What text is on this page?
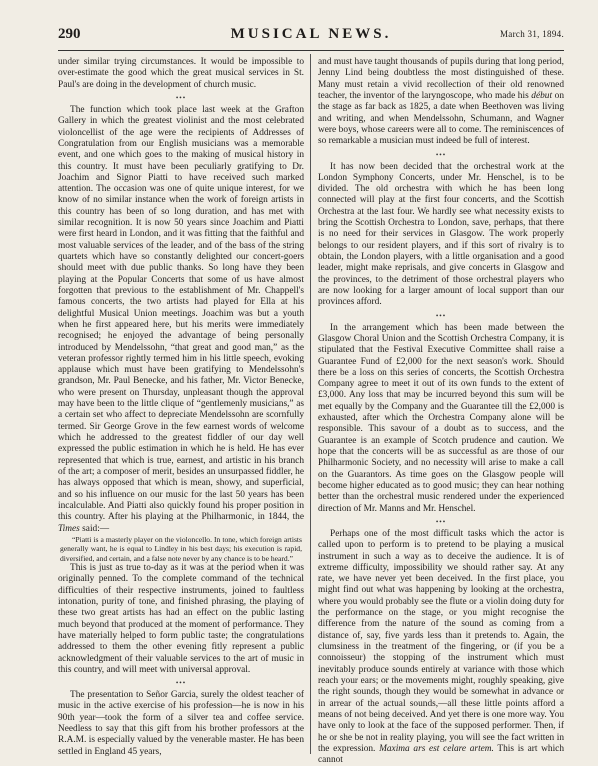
290	MUSICAL NEWS.	March 31, 1894.

under similar trying circumstances. It would be impossible to over-estimate the good which the great musical services in St. Paul's are doing in the development of church music.

•••

The function which took place last week at the Grafton Gallery in which the greatest violinist and the most celebrated violoncellist of the age were the recipients of Addresses of Congratulation from our English musicians was a memorable event, and one which goes to the making of musical history in this country. It must have been peculiarly gratifying to Dr. Joachim and Signor Piatti to have received such marked attention. The occasion was one of quite unique interest, for we know of no similar instance when the work of foreign artists in this country has been of so long duration, and has met with similar recognition. It is now 50 years since Joachim and Piatti were first heard in London, and it was fitting that the faithful and most valuable services of the leader, and of the bass of the string quartets which have so constantly delighted our concert-goers should meet with due public thanks. So long have they been playing at the Popular Concerts that some of us have almost forgotten that previous to the establishment of Mr. Chappell's famous concerts, the two artists had played for Ella at his delightful Musical Union meetings. Joachim was but a youth when he first appeared here, but his merits were immediately recognised; he enjoyed the advantage of being personally introduced by Mendelssohn, “that great and good man,” as the veteran professor rightly termed him in his little speech, evoking applause which must have been gratifying to Mendelssohn's grandson, Mr. Paul Benecke, and his father, Mr. Victor Benecke, who were present on Thursday, unpleasant though the approval may have been to the little clique of “gentlemenly musicians,” as a certain set who affect to depreciate Mendelssohn are scornfully termed. Sir George Grove in the few earnest words of welcome which he addressed to the greatest fiddler of our day well expressed the public estimation in which he is held. He has ever represented that which is true, earnest, and artistic in his branch of the art; a composer of merit, besides an unsurpassed fiddler, he has always opposed that which is mean, showy, and superficial, and so his influence on our music for the last 50 years has been incalculable. And Piatti also quickly found his proper position in this country. After his playing at the Philharmonic, in 1844, the Times said:—

“Piatti is a masterly player on the violoncello. In tone, which foreign artists generally want, he is equal to Lindley in his best days; his execution is rapid, diversified, and certain, and a false note never by any chance is to be heard.”

This is just as true to-day as it was at the period when it was originally penned. To the complete command of the technical difficulties of their respective instruments, joined to faultless intonation, purity of tone, and finished phrasing, the playing of these two great artists has had an effect on the public lasting much beyond that produced at the moment of performance. They have materially helped to form public taste; the congratulations addressed to them the other evening fitly represent a public acknowledgment of their valuable services to the art of music in this country, and will meet with universal approval.

•••

The presentation to Señor Garcia, surely the oldest teacher of music in the active exercise of his profession—he is now in his 90th year—took the form of a silver tea and coffee service. Needless to say that this gift from his brother professors at the R.A.M. is especially valued by the venerable master. He has been settled in England 45 years,

and must have taught thousands of pupils during that long period, Jenny Lind being doubtless the most distinguished of these. Many must retain a vivid recollection of their old renowned teacher, the inventor of the laryngoscope, who made his début on the stage as far back as 1825, a date when Beethoven was living and writing, and when Mendelssohn, Schumann, and Wagner were boys, whose careers were all to come. The reminiscences of so remarkable a musician must indeed be full of interest.

•••

It has now been decided that the orchestral work at the London Symphony Concerts, under Mr. Henschel, is to be divided. The old orchestra with which he has been long connected will play at the first four concerts, and the Scottish Orchestra at the last four. We hardly see what necessity exists to bring the Scottish Orchestra to London, save, perhaps, that there is no need for their services in Glasgow. The work properly belongs to our resident players, and if this sort of rivalry is to obtain, the London players, with a little organisation and a good leader, might make reprisals, and give concerts in Glasgow and the provinces, to the detriment of those orchestral players who are now looking for a larger amount of local support than our provinces afford.

•••

In the arrangement which has been made between the Glasgow Choral Union and the Scottish Orchestra Company, it is stipulated that the Festival Executive Committee shall raise a Guarantee Fund of £2,000 for the next season's work. Should there be a loss on this series of concerts, the Scottish Orchestra Company agree to meet it out of its own funds to the extent of £3,000. Any loss that may be incurred beyond this sum will be met equally by the Company and the Guarantee till the £2,000 is exhausted, after which the Orchestra Company alone will be responsible. This savour of a doubt as to success, and the Guarantee is an example of Scotch prudence and caution. We hope that the concerts will be as successful as are those of our Philharmonic Society, and no necessity will arise to make a call on the Guarantors. As time goes on the Glasgow people will become higher educated as to good music; they can hear nothing better than the orchestral music rendered under the experienced direction of Mr. Manns and Mr. Henschel.

•••

Perhaps one of the most difficult tasks which the actor is called upon to perform is to pretend to be playing a musical instrument in such a way as to deceive the audience. It is of extreme difficulty, impossibility we should rather say. At any rate, we have never yet been deceived. In the first place, you might find out what was happening by looking at the orchestra, where you would probably see the flute or a violin doing duty for the performance on the stage, or you might recognise the difference from the nature of the sound as coming from a distance of, say, five yards less than it pretends to. Again, the clumsiness in the treatment of the fingering, or (if you be a connoisseur) the stopping of the instrument which must inevitably produce sounds entirely at variance with those which reach your ears; or the movements might, roughly speaking, give the right sounds, though they would be somewhat in advance or in arrear of the actual sounds,—all these little points afford a means of not being deceived. And yet there is one more way. You have only to look at the face of the supposed performer. Then, if he or she be not in reality playing, you will see the fact written in the expression. Maxima ars est celare artem. This is art which cannot
